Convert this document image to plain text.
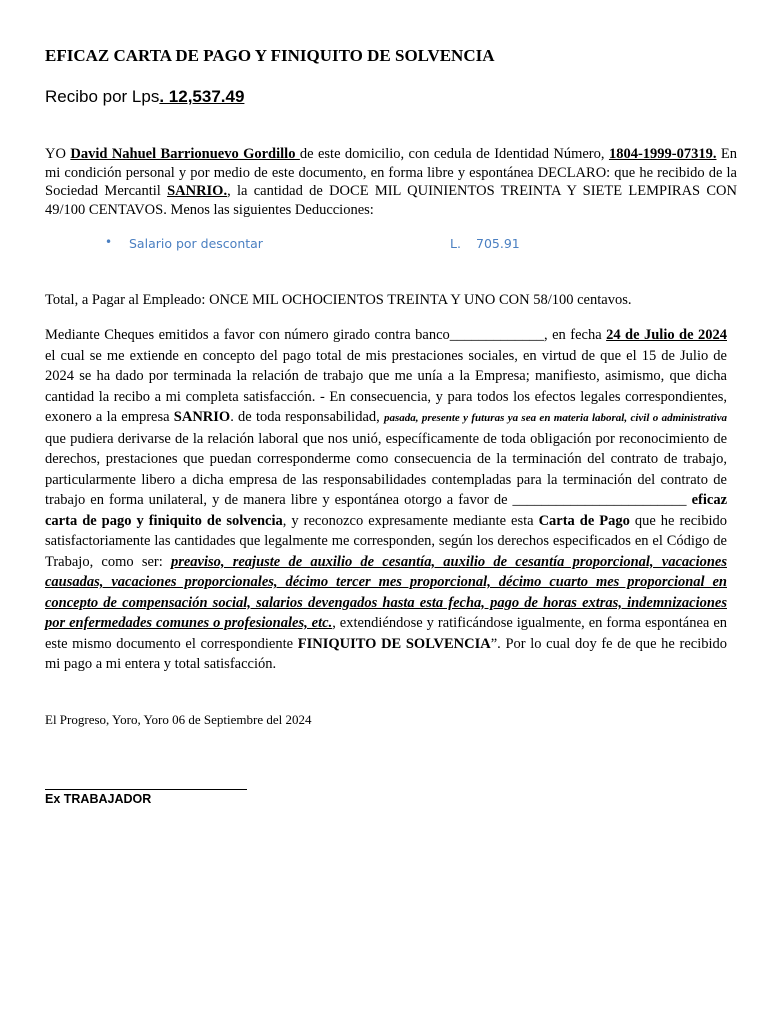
EFICAZ CARTA DE PAGO Y FINIQUITO DE SOLVENCIA
Recibo por Lps. 12,537.49

YO David Nahuel Barrionuevo Gordillo de este domicilio, con cedula de Identidad Número, 1804-1999-07319. En mi condición personal y por medio de este documento, en forma libre y espontánea DECLARO: que he recibido de la Sociedad Mercantil SANRIO., la cantidad de DOCE MIL QUINIENTOS TREINTA Y SIETE LEMPIRAS CON 49/100 CENTAVOS. Menos las siguientes Deducciones:

• Salario por descontar	L. 705.91

Total, a Pagar al Empleado: ONCE MIL OCHOCIENTOS TREINTA Y UNO CON 58/100 centavos.

Mediante Cheques emitidos a favor con número girado contra banco_____________, en fecha 24 de Julio de 2024 el cual se me extiende en concepto del pago total de mis prestaciones sociales, en virtud de que el 15 de Julio de 2024 se ha dado por terminada la relación de trabajo que me unía a la Empresa; manifiesto, asimismo, que dicha cantidad la recibo a mi completa satisfacción. - En consecuencia, y para todos los efectos legales correspondientes, exonero a la empresa SANRIO. de toda responsabilidad, pasada, presente y futuras ya sea en materia laboral, civil o administrativa que pudiera derivarse de la relación laboral que nos unió, específicamente de toda obligación por reconocimiento de derechos, prestaciones que puedan corresponderme como consecuencia de la terminación del contrato de trabajo, particularmente libero a dicha empresa de las responsabilidades contempladas para la terminación del contrato de trabajo en forma unilateral, y de manera libre y espontánea otorgo a favor de ________________________ eficaz carta de pago y finiquito de solvencia, y reconozco expresamente mediante esta Carta de Pago que he recibido satisfactoriamente las cantidades que legalmente me corresponden, según los derechos especificados en el Código de Trabajo, como ser: preaviso, reajuste de auxilio de cesantía, auxilio de cesantía proporcional, vacaciones causadas, vacaciones proporcionales, décimo tercer mes proporcional, décimo cuarto mes proporcional en concepto de compensación social, salarios devengados hasta esta fecha, pago de horas extras, indemnizaciones por enfermedades comunes o profesionales, etc., extendiéndose y ratificándose igualmente, en forma espontánea en este mismo documento el correspondiente FINIQUITO DE SOLVENCIA”. Por lo cual doy fe de que he recibido mi pago a mi entera y total satisfacción.

El Progreso, Yoro, Yoro 06 de Septiembre del 2024
Ex TRABAJADOR
